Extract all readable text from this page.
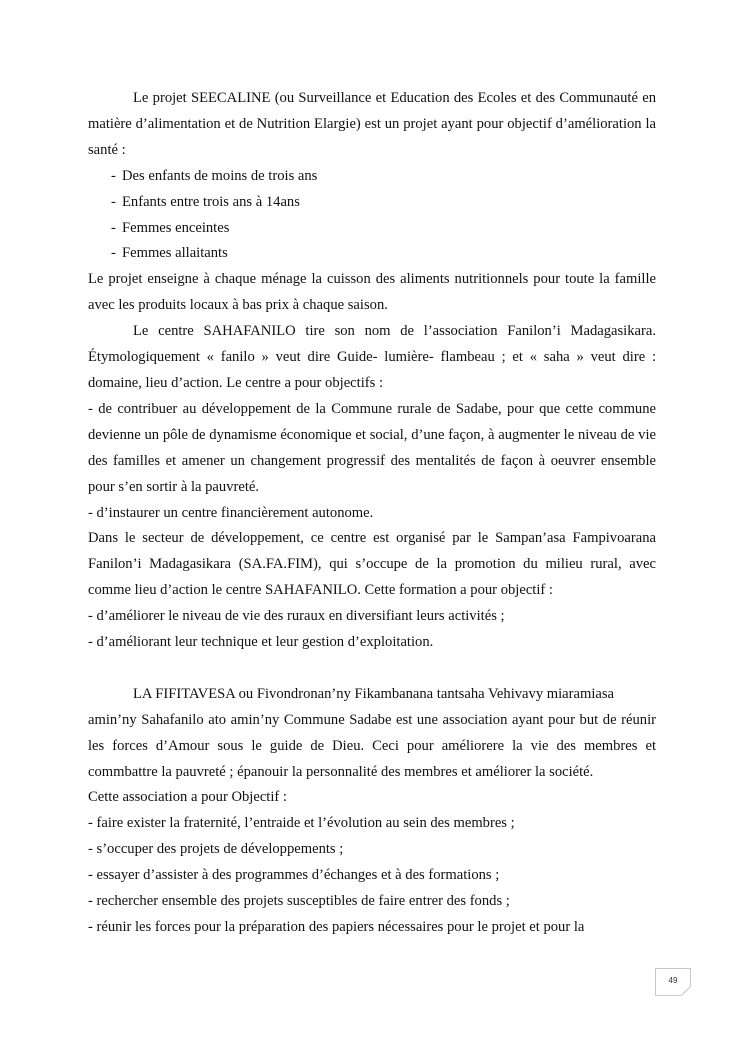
Le projet SEECALINE (ou Surveillance et Education des Ecoles et des Communauté en matière d’alimentation et de Nutrition Elargie) est un projet ayant pour objectif d’amélioration la santé :

- Des enfants de moins de trois ans
- Enfants entre trois ans à 14ans
- Femmes enceintes
- Femmes allaitants

Le projet enseigne à chaque ménage la cuisson des aliments nutritionnels pour toute la famille avec les produits locaux à bas prix à chaque saison.

Le centre SAHAFANILO tire son nom de l’association Fanilon’i Madagasikara. Étymologiquement « fanilo » veut dire Guide- lumière- flambeau ; et « saha » veut dire : domaine, lieu d’action. Le centre a pour objectifs :

- de contribuer au développement de la Commune rurale de Sadabe, pour que cette commune devienne un pôle de dynamisme économique et social, d’une façon, à augmenter le niveau de vie des familles et amener un changement progressif des mentalités de façon à oeuvrer ensemble pour s’en sortir à la pauvreté.

- d’instaurer un centre financièrement autonome.

Dans le secteur de développement, ce centre est organisé par le Sampan’asa Fampivoarana Fanilon’i Madagasikara (SA.FA.FIM), qui s’occupe de la promotion du milieu rural, avec comme lieu d’action le centre SAHAFANILO. Cette formation a pour objectif :

- d’améliorer le niveau de vie des ruraux en diversifiant leurs activités ;

- d’améliorant leur technique et leur gestion d’exploitation.

LA FIFITAVESA ou Fivondronan’ny Fikambanana tantsaha Vehivavy miaramiasa

amin’ny Sahafanilo ato amin’ny Commune Sadabe est une association ayant pour but de réunir les forces d’Amour sous le guide de Dieu. Ceci pour améliorere la vie des membres et commbattre la pauvreté ; épanouir la personnalité des membres et améliorer la société.

Cette association a pour Objectif :

- faire exister la fraternité, l’entraide et l’évolution au sein des membres ;

- s’occuper des projets de développements ;

- essayer d’assister à des programmes d’échanges et à des formations ;

- rechercher ensemble des projets susceptibles de faire entrer des fonds ;

- réunir les forces pour la préparation des papiers nécessaires pour le projet et pour la

49
